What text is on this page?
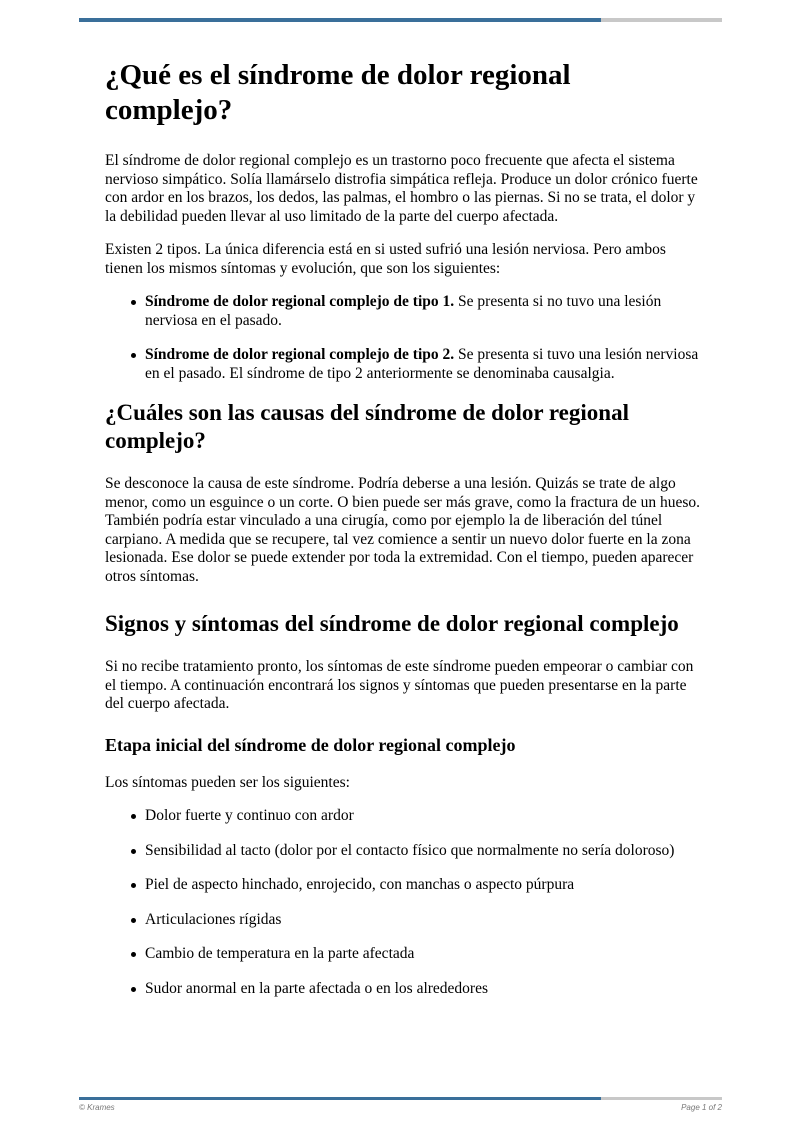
¿Qué es el síndrome de dolor regional complejo?

El síndrome de dolor regional complejo es un trastorno poco frecuente que afecta el sistema nervioso simpático. Solía llamárselo distrofia simpática refleja. Produce un dolor crónico fuerte con ardor en los brazos, los dedos, las palmas, el hombro o las piernas. Si no se trata, el dolor y la debilidad pueden llevar al uso limitado de la parte del cuerpo afectada.

Existen 2 tipos. La única diferencia está en si usted sufrió una lesión nerviosa. Pero ambos tienen los mismos síntomas y evolución, que son los siguientes:

Síndrome de dolor regional complejo de tipo 1. Se presenta si no tuvo una lesión nerviosa en el pasado.
Síndrome de dolor regional complejo de tipo 2. Se presenta si tuvo una lesión nerviosa en el pasado. El síndrome de tipo 2 anteriormente se denominaba causalgia.
¿Cuáles son las causas del síndrome de dolor regional complejo?

Se desconoce la causa de este síndrome. Podría deberse a una lesión. Quizás se trate de algo menor, como un esguince o un corte. O bien puede ser más grave, como la fractura de un hueso. También podría estar vinculado a una cirugía, como por ejemplo la de liberación del túnel carpiano. A medida que se recupere, tal vez comience a sentir un nuevo dolor fuerte en la zona lesionada. Ese dolor se puede extender por toda la extremidad. Con el tiempo, pueden aparecer otros síntomas.

Signos y síntomas del síndrome de dolor regional complejo

Si no recibe tratamiento pronto, los síntomas de este síndrome pueden empeorar o cambiar con el tiempo. A continuación encontrará los signos y síntomas que pueden presentarse en la parte del cuerpo afectada.

Etapa inicial del síndrome de dolor regional complejo

Los síntomas pueden ser los siguientes:

Dolor fuerte y continuo con ardor
Sensibilidad al tacto (dolor por el contacto físico que normalmente no sería doloroso)
Piel de aspecto hinchado, enrojecido, con manchas o aspecto púrpura
Articulaciones rígidas
Cambio de temperatura en la parte afectada
Sudor anormal en la parte afectada o en los alrededores
© Krames	Page 1 of 2
